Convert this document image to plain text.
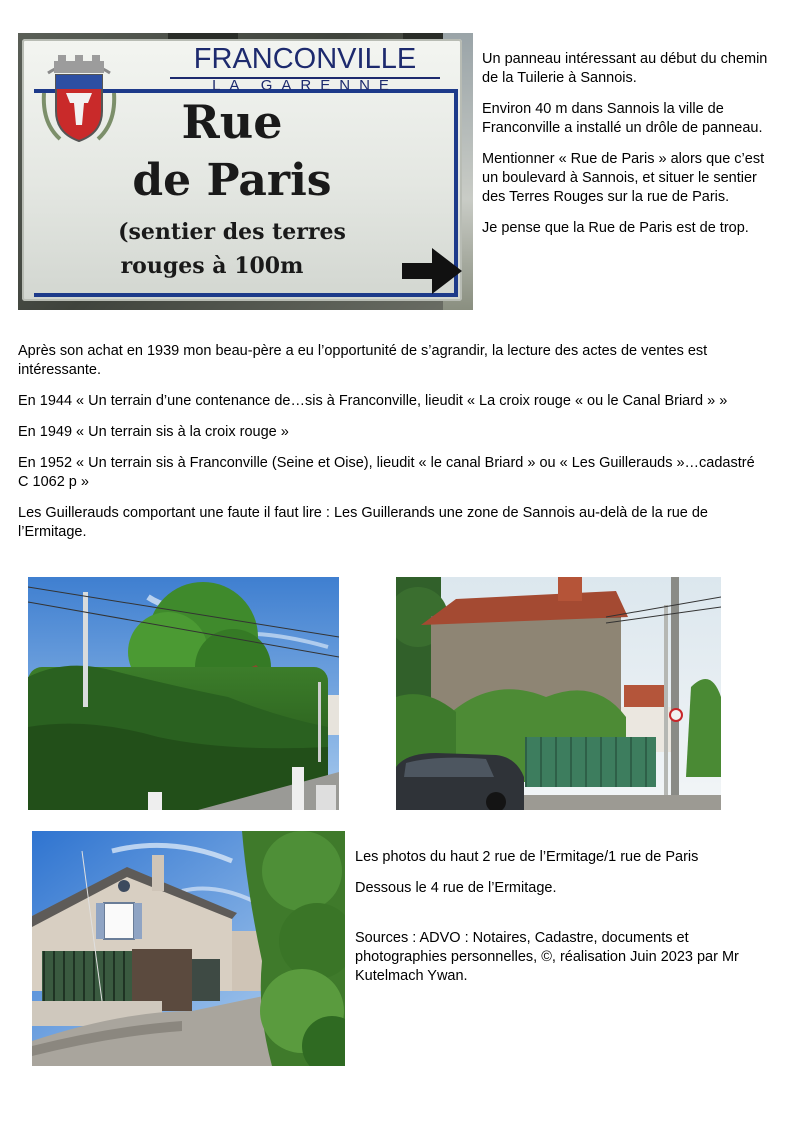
FRANCONVILLE
LA GARENNE
Rue
de Paris
(sentier des terres
rouges à 100m

Un panneau intéressant au début du chemin de la Tuilerie à Sannois.

Environ 40 m dans Sannois la ville de Franconville a installé un drôle de panneau.

Mentionner « Rue de Paris » alors que c’est un boulevard à Sannois, et situer le sentier des Terres Rouges sur la rue de Paris.

Je pense que la Rue de Paris est de trop.

Après son achat en 1939 mon beau-père a eu l’opportunité de s’agrandir, la lecture des actes de ventes est intéressante.

En 1944 « Un terrain d’une contenance de…sis à Franconville, lieudit « La croix rouge « ou le Canal Briard » »

En 1949 « Un terrain sis à la croix rouge »

En 1952 « Un terrain sis à Franconville (Seine et Oise), lieudit « le canal Briard » ou « Les Guillerauds »…cadastré C 1062 p »

Les Guillerauds comportant une faute il faut lire : Les Guillerands une zone de Sannois au-delà de la rue de l’Ermitage.

Les photos du haut 2 rue de l’Ermitage/1 rue de Paris

Dessous le 4 rue de l’Ermitage.

Sources : ADVO : Notaires, Cadastre, documents et photographies personnelles, ©, réalisation Juin 2023 par Mr Kutelmach Ywan.
